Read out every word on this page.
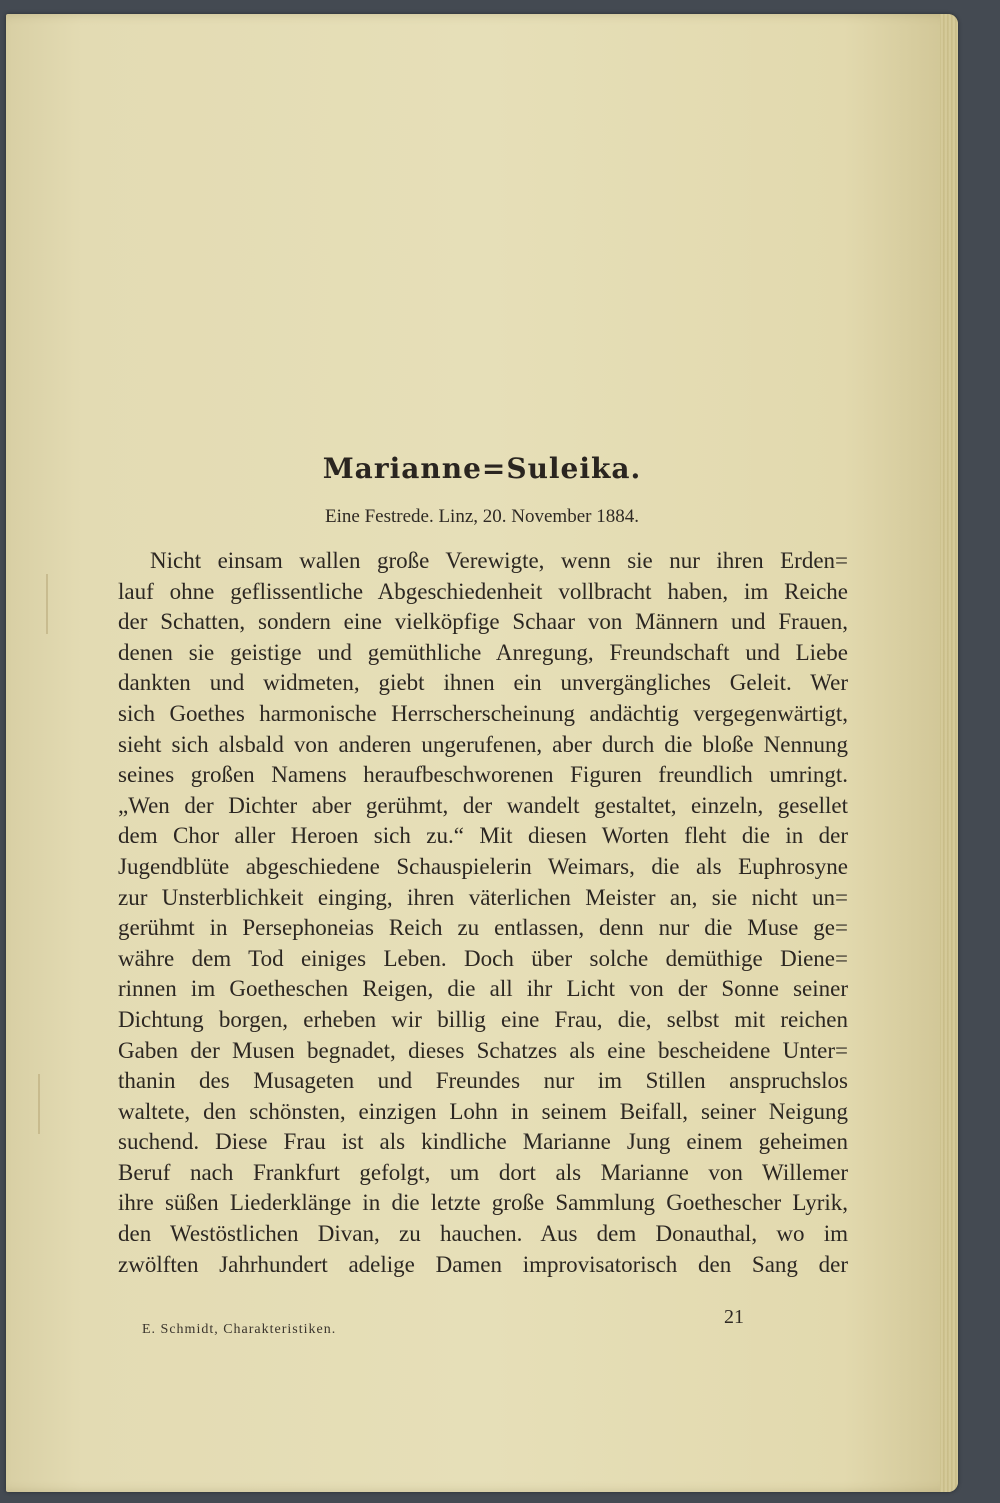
Marianne=Suleika.
Eine Festrede. Linz, 20. November 1884.
Nicht einsam wallen große Verewigte, wenn sie nur ihren Erden=
lauf ohne geflissentliche Abgeschiedenheit vollbracht haben, im Reiche
der Schatten, sondern eine vielköpfige Schaar von Männern und Frauen,
denen sie geistige und gemüthliche Anregung, Freundschaft und Liebe
dankten und widmeten, giebt ihnen ein unvergängliches Geleit. Wer
sich Goethes harmonische Herrscherscheinung andächtig vergegenwärtigt,
sieht sich alsbald von anderen ungerufenen, aber durch die bloße Nennung
seines großen Namens heraufbeschworenen Figuren freundlich umringt.
„Wen der Dichter aber gerühmt, der wandelt gestaltet, einzeln, gesellet
dem Chor aller Heroen sich zu.“ Mit diesen Worten fleht die in der
Jugendblüte abgeschiedene Schauspielerin Weimars, die als Euphrosyne
zur Unsterblichkeit einging, ihren väterlichen Meister an, sie nicht un=
gerühmt in Persephoneias Reich zu entlassen, denn nur die Muse ge=
währe dem Tod einiges Leben. Doch über solche demüthige Diene=
rinnen im Goetheschen Reigen, die all ihr Licht von der Sonne seiner
Dichtung borgen, erheben wir billig eine Frau, die, selbst mit reichen
Gaben der Musen begnadet, dieses Schatzes als eine bescheidene Unter=
thanin des Musageten und Freundes nur im Stillen anspruchslos
waltete, den schönsten, einzigen Lohn in seinem Beifall, seiner Neigung
suchend. Diese Frau ist als kindliche Marianne Jung einem geheimen
Beruf nach Frankfurt gefolgt, um dort als Marianne von Willemer
ihre süßen Liederklänge in die letzte große Sammlung Goethescher Lyrik,
den Westöstlichen Divan, zu hauchen. Aus dem Donauthal, wo im
zwölften Jahrhundert adelige Damen improvisatorisch den Sang der
E. Schmidt, Charakteristiken.
21
